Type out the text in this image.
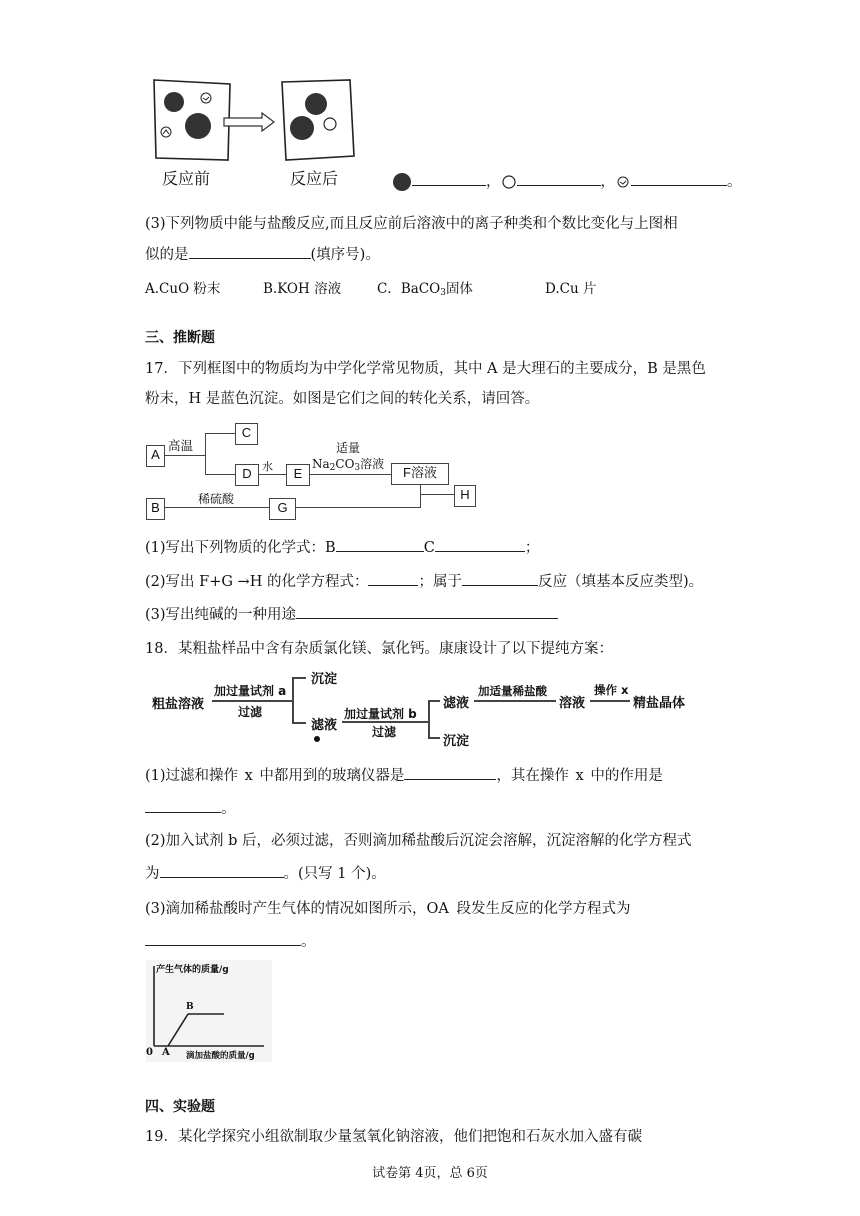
反应前	反应后	，	，	。
(3)下列物质中能与盐酸反应,而且反应前后溶液中的离子种类和个数比变化与上图相
似的是	(填序号)。
A.CuO 粉末	B.KOH 溶液	C．BaCO$_3$固体	D.Cu 片
三、推断题
17．下列框图中的物质均为中学化学常见物质，其中 A 是大理石的主要成分，B 是黑色
粉末，H 是蓝色沉淀。如图是它们之间的转化关系，请回答。
A
C
D	E	F溶液
H
B	G
高温
水
适量
$Na_2CO_3$溶液
稀硫酸
(1)写出下列物质的化学式：B	C	；
(2)写出 F+G →H 的化学方程式：	；属于	反应（填基本反应类型)。
(3)写出纯碱的一种用途
18．某粗盐样品中含有杂质氯化镁、氯化钙。康康设计了以下提纯方案：
粗盐溶液
加过量试剂 a
过滤
沉淀
滤液
加过量试剂 b
过滤
滤液
沉淀
加适量稀盐酸
溶液
操作 x
精盐晶体
(1)过滤和操作 x 中都用到的玻璃仪器是	，其在操作 x 中的作用是
。
(2)加入试剂 b 后，必须过滤，否则滴加稀盐酸后沉淀会溶解，沉淀溶解的化学方程式
为	。(只写 1 个)。
(3)滴加稀盐酸时产生气体的情况如图所示，OA 段发生反应的化学方程式为
。
产生气体的质量/g
B
0 A 滴加盐酸的质量/g
四、实验题
19．某化学探究小组欲制取少量氢氧化钠溶液，他们把饱和石灰水加入盛有碳
试卷第 4页，总 6页
